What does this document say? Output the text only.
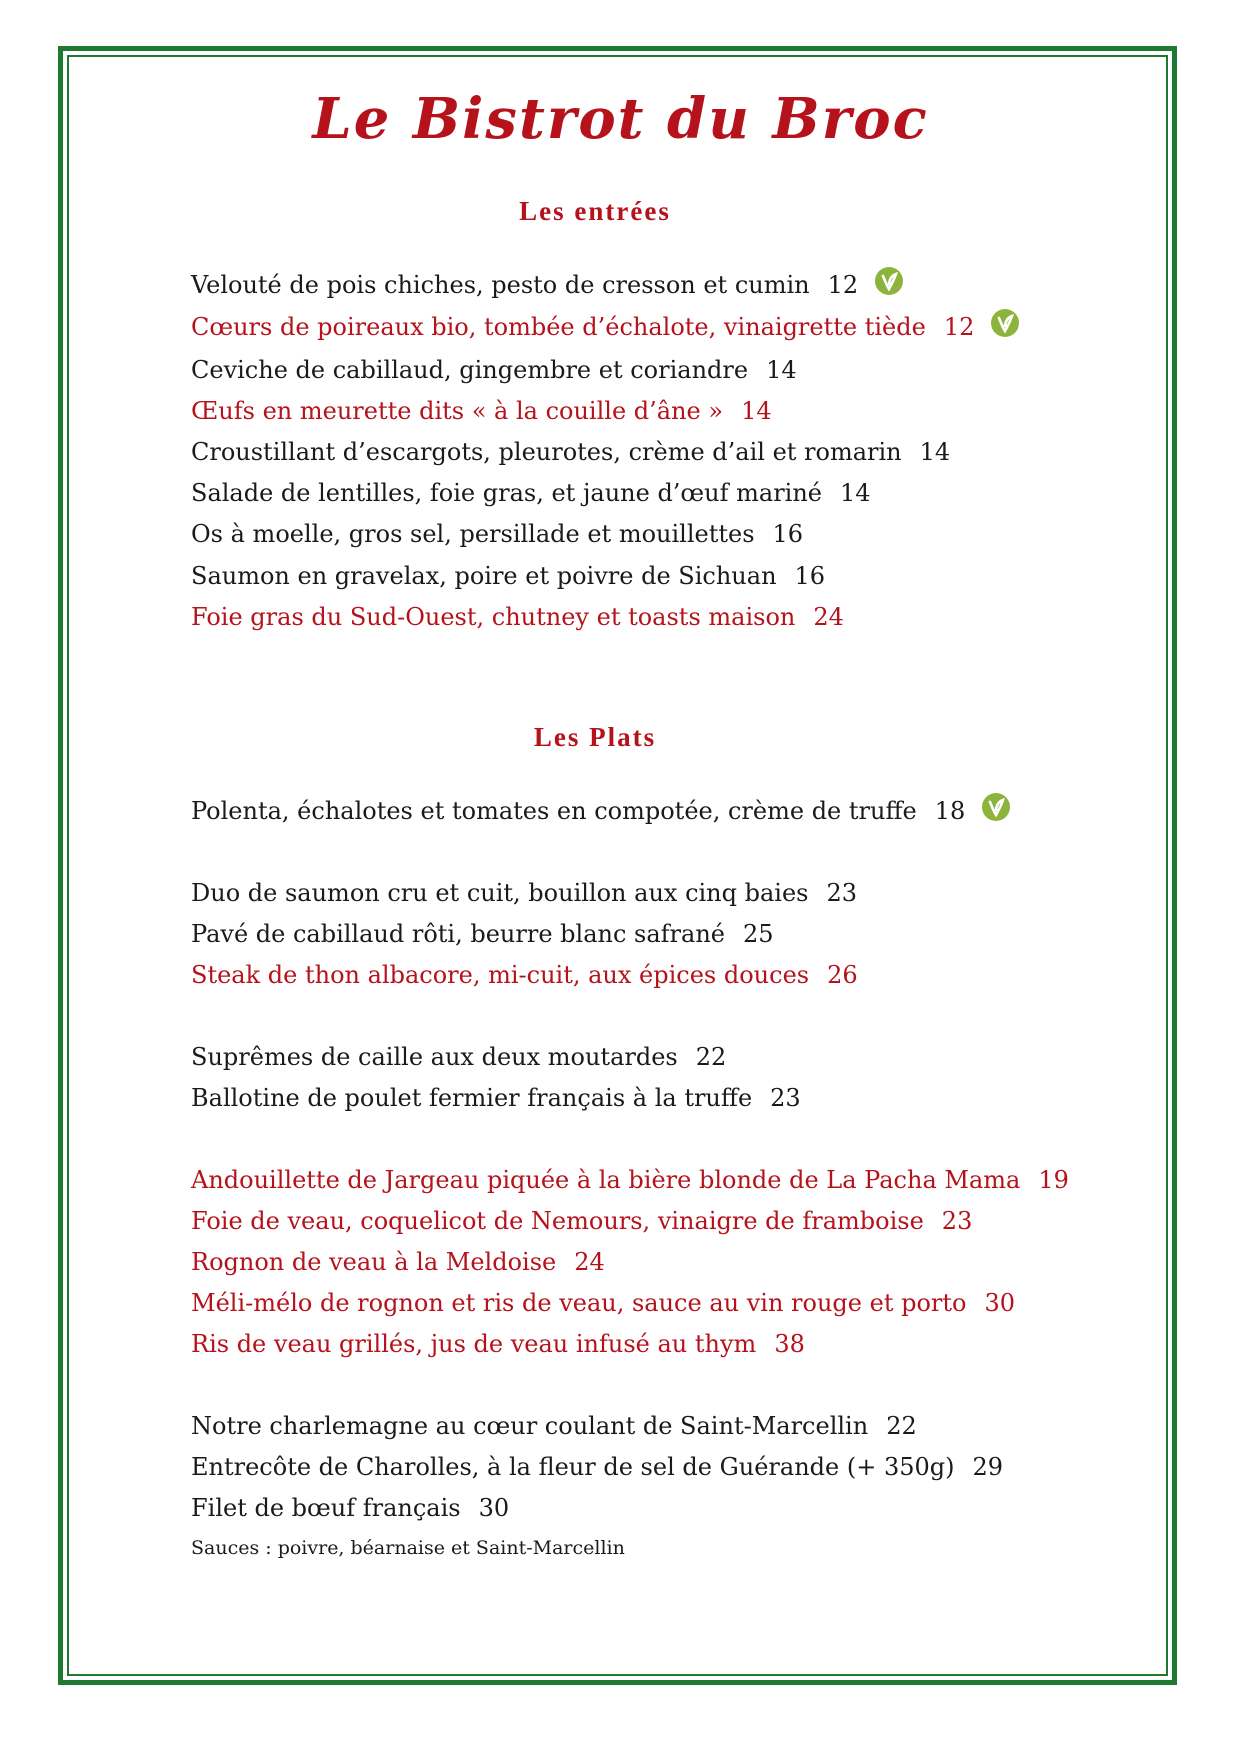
Le Bistrot du Broc
Les entrées
Velouté de pois chiches, pesto de cresson et cumin 12
Cœurs de poireaux bio, tombée d’échalote, vinaigrette tiède 12
Ceviche de cabillaud, gingembre et coriandre 14
Œufs en meurette dits « à la couille d’âne » 14
Croustillant d’escargots, pleurotes, crème d’ail et romarin 14
Salade de lentilles, foie gras, et jaune d’œuf mariné 14
Os à moelle, gros sel, persillade et mouillettes 16
Saumon en gravelax, poire et poivre de Sichuan 16
Foie gras du Sud-Ouest, chutney et toasts maison 24
Les Plats
Polenta, échalotes et tomates en compotée, crème de truffe 18
Duo de saumon cru et cuit, bouillon aux cinq baies 23
Pavé de cabillaud rôti, beurre blanc safrané 25
Steak de thon albacore, mi-cuit, aux épices douces 26
Suprêmes de caille aux deux moutardes 22
Ballotine de poulet fermier français à la truffe 23
Andouillette de Jargeau piquée à la bière blonde de La Pacha Mama 19
Foie de veau, coquelicot de Nemours, vinaigre de framboise 23
Rognon de veau à la Meldoise 24
Méli-mélo de rognon et ris de veau, sauce au vin rouge et porto 30
Ris de veau grillés, jus de veau infusé au thym 38
Notre charlemagne au cœur coulant de Saint-Marcellin 22
Entrecôte de Charolles, à la fleur de sel de Guérande (+ 350g) 29
Filet de bœuf français 30
Sauces : poivre, béarnaise et Saint-Marcellin
